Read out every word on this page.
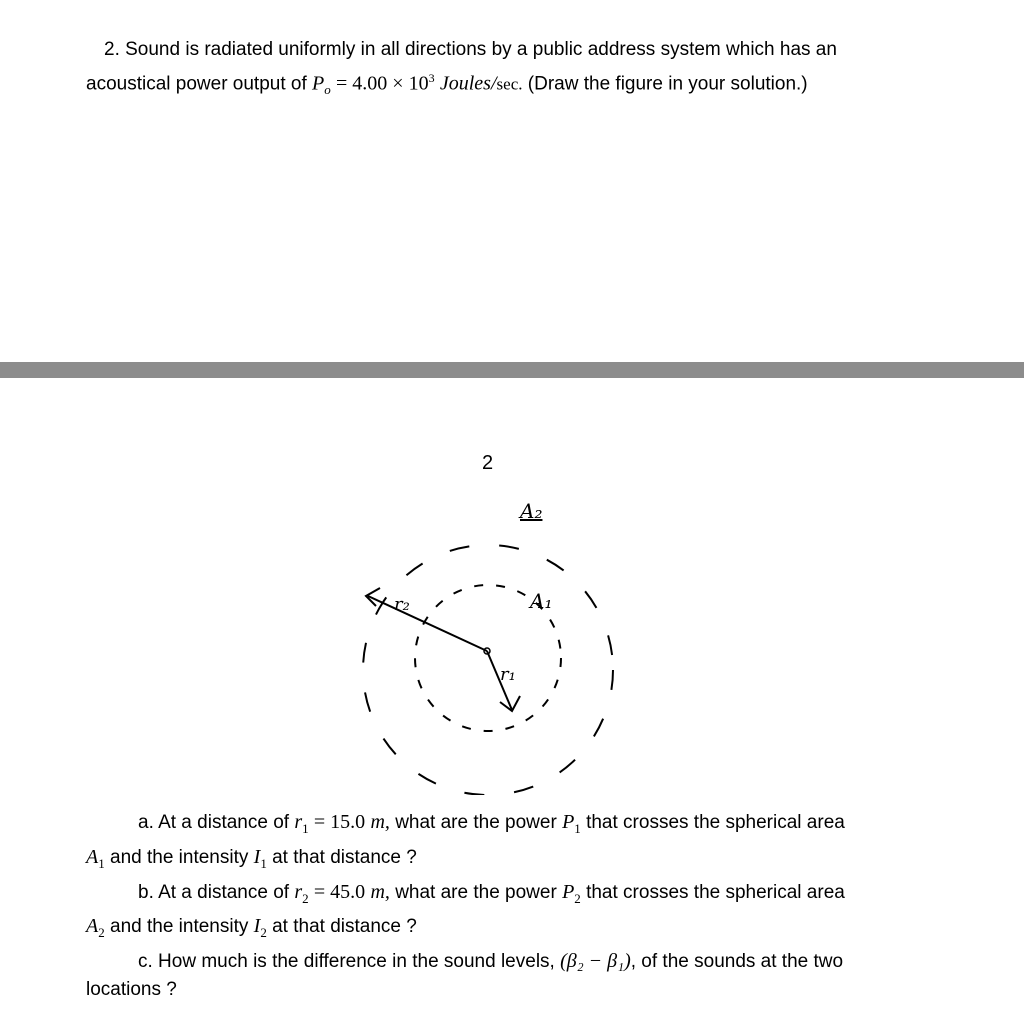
2. Sound is radiated uniformly in all directions by a public address system which has an
acoustical power output of $P_o = 4.00 \times 10^3$ Joules/sec. (Draw the figure in your solution.)
2
r₂
r₁
A₁
A₂
a. At a distance of $r_1 = 15.0$ m, what are the power $P_1$ that crosses the spherical area
$A_1$ and the intensity $I_1$ at that distance ?
b. At a distance of $r_2 = 45.0$ m, what are the power $P_2$ that crosses the spherical area
$A_2$ and the intensity $I_2$ at that distance ?
c. How much is the difference in the sound levels, (β₂ − β₁), of the sounds at the two
locations ?
